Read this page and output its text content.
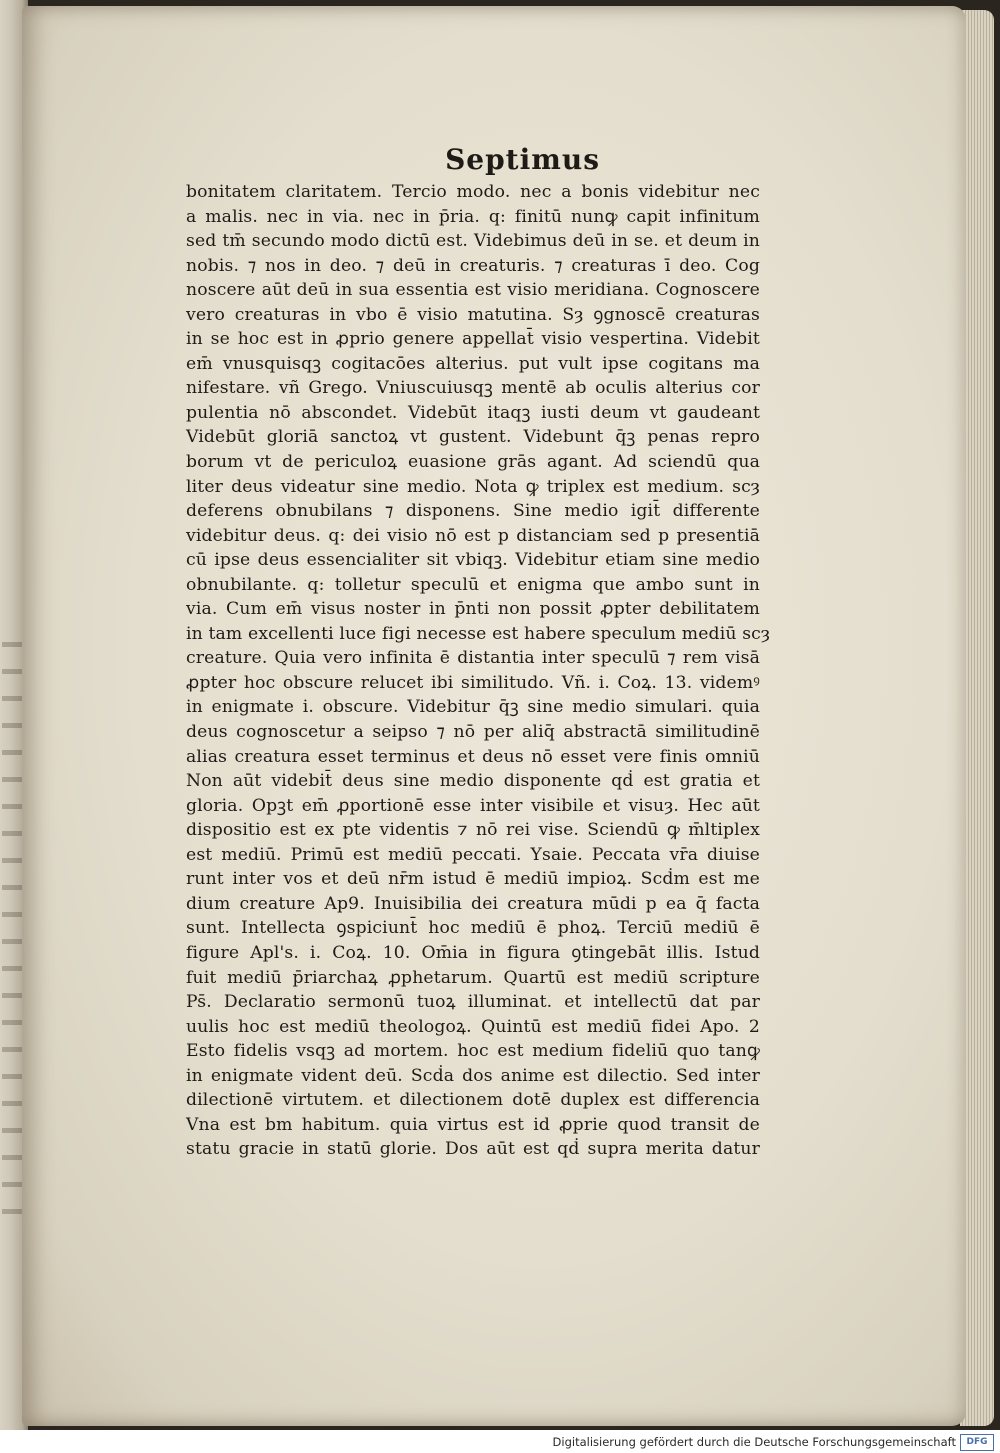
Septimus
bonitatem claritatem. Tercio modo. nec a bonis videbitur nec
a malis. nec in via. nec in p̄ria. q: finitū nunꝙ capit infinitum
sed tm̄ secundo modo dictū est. Videbimus deū in se. et deum in
nobis. ⁊ nos in deo. ⁊ deū in creaturis. ⁊ creaturas ī deo. Cog
noscere aūt deū in sua essentia est visio meridiana. Cognoscere
vero creaturas in vbo ē visio matutina. Sȝ ꝯgnoscē creaturas
in se hoc est in ꝓprio genere appellat̄ visio vespertina. Videbit
em̄ vnusquisqꝫ cogitacōes alterius. put vult ipse cogitans ma
nifestare. vñ Grego. Vniuscuiusqꝫ mentē ab oculis alterius cor
pulentia nō abscondet. Videbūt itaqꝫ iusti deum vt gaudeant
Videbūt gloriā sanctoꝝ vt gustent. Videbunt q̄ꝫ penas repro
borum vt de periculoꝝ euasione grās agant. Ad sciendū qua
liter deus videatur sine medio. Nota ꝙ triplex est medium. scȝ
deferens obnubilans ⁊ disponens. Sine medio igit̄ differente
videbitur deus. q: dei visio nō est p distanciam sed p presentiā
cū ipse deus essencialiter sit vbiqꝫ. Videbitur etiam sine medio
obnubilante. q: tolletur speculū et enigma que ambo sunt in
via. Cum em̄ visus noster in p̄nti non possit ꝓpter debilitatem
in tam excellenti luce figi necesse est habere speculum mediū scȝ
creature. Quia vero infinita ē distantia inter speculū ⁊ rem visā
ꝓpter hoc obscure relucet ibi similitudo. Vñ. i. Coꝝ. 13. videmꝰ
in enigmate i. obscure. Videbitur q̄ꝫ sine medio simulari. quia
deus cognoscetur a seipso ⁊ nō per aliq̄ abstractā similitudinē
alias creatura esset terminus et deus nō esset vere finis omniū
Non aūt videbit̄ deus sine medio disponente qḋ est gratia et
gloria. Opꝫt em̄ ꝓportionē esse inter visibile et visuȝ. Hec aūt
dispositio est ex pte videntis ⁊ nō rei vise. Sciendū ꝙ m̄ltiplex
est mediū. Primū est mediū peccati. Ysaie. Peccata vr̄a diuise
runt inter vos et deū nr̄m istud ē mediū impioꝝ. Scḋm est me
dium creature Ap9. Inuisibilia dei creatura mūdi p ea q̄ facta
sunt. Intellecta ꝯspiciunt̄ hoc mediū ē phoꝝ. Terciū mediū ē
figure Apl's. i. Coꝝ. 10. Om̄ia in figura ꝯtingebāt illis. Istud
fuit mediū p̄riarchaꝝ ꝓphetarum. Quartū est mediū scripture
Ps̄. Declaratio sermonū tuoꝝ illuminat. et intellectū dat par
uulis hoc est mediū theologoꝝ. Quintū est mediū fidei Apo. 2
Esto fidelis vsqꝫ ad mortem. hoc est medium fideliū quo tanꝙ
in enigmate vident deū. Scḋa dos anime est dilectio. Sed inter
dilectionē virtutem. et dilectionem dotē duplex est differencia
Vna est bm habitum. quia virtus est id ꝓprie quod transit de
statu gracie in statū glorie. Dos aūt est qḋ supra merita datur
Digitalisierung gefördert durch die Deutsche Forschungsgemeinschaft	DFG
